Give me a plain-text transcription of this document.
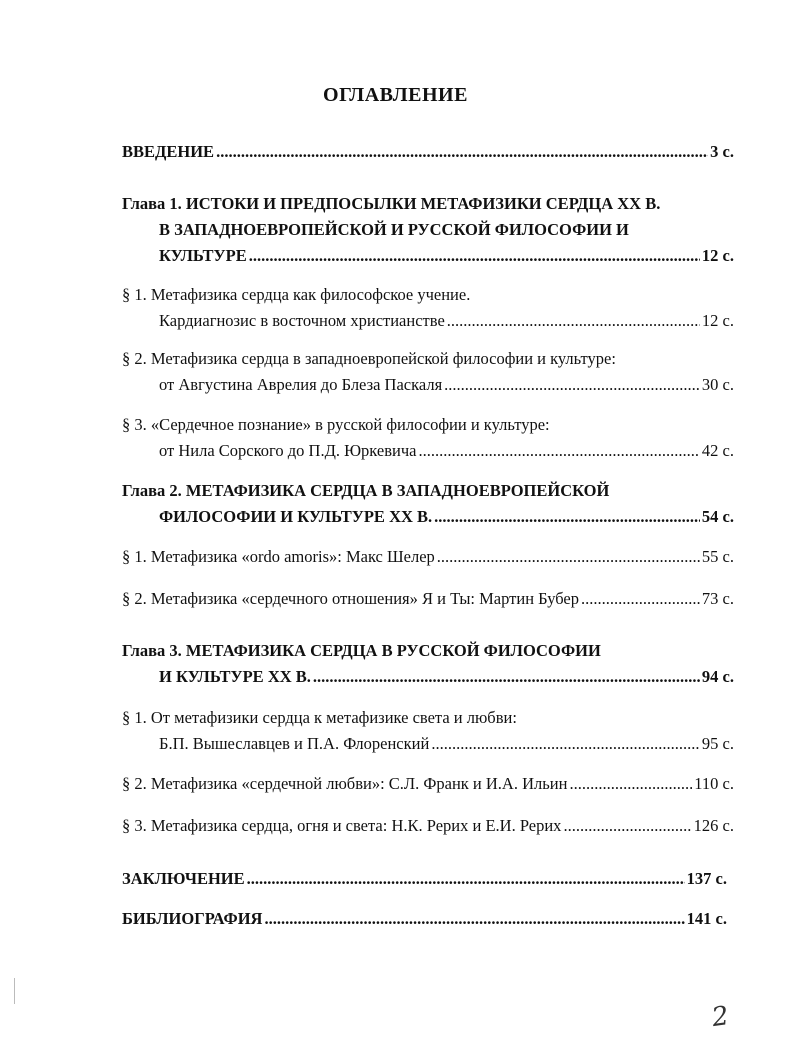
ОГЛАВЛЕНИЕ
ВВЕДЕНИЕ .....	3 с.
Глава 1. ИСТОКИ И ПРЕДПОСЫЛКИ МЕТАФИЗИКИ СЕРДЦА ХХ В.
В ЗАПАДНОЕВРОПЕЙСКОЙ И РУССКОЙ ФИЛОСОФИИ И
КУЛЬТУРЕ .....	12 с.
§ 1. Метафизика сердца как философское учение.
Кардиагнозис в восточном христианстве .....	12 с.
§ 2. Метафизика сердца в западноевропейской философии и культуре:
от Августина Аврелия до Блеза Паскаля .....	30 с.
§ 3. «Сердечное познание» в русской философии и культуре:
от Нила Сорского до П.Д. Юркевича .....	42 с.
Глава 2. МЕТАФИЗИКА СЕРДЦА В ЗАПАДНОЕВРОПЕЙСКОЙ
ФИЛОСОФИИ И КУЛЬТУРЕ ХХ В. .....	54 с.
§ 1. Метафизика «ordo amoris»: Макс Шелер .....	55 с.
§ 2. Метафизика «сердечного отношения» Я и Ты: Мартин Бубер .....	73 с.
Глава 3. МЕТАФИЗИКА СЕРДЦА В РУССКОЙ ФИЛОСОФИИ
И КУЛЬТУРЕ ХХ В. .....	94 с.
§ 1. От метафизики сердца к метафизике света и любви:
Б.П. Вышеславцев и П.А. Флоренский .....	95 с.
§ 2. Метафизика «сердечной любви»: С.Л. Франк и И.А. Ильин .....	110 с.
§ 3. Метафизика сердца, огня и света: Н.К. Рерих и Е.И. Рерих .....	126 с.
ЗАКЛЮЧЕНИЕ .....	137 с.
БИБЛИОГРАФИЯ .....	141 с.
2
